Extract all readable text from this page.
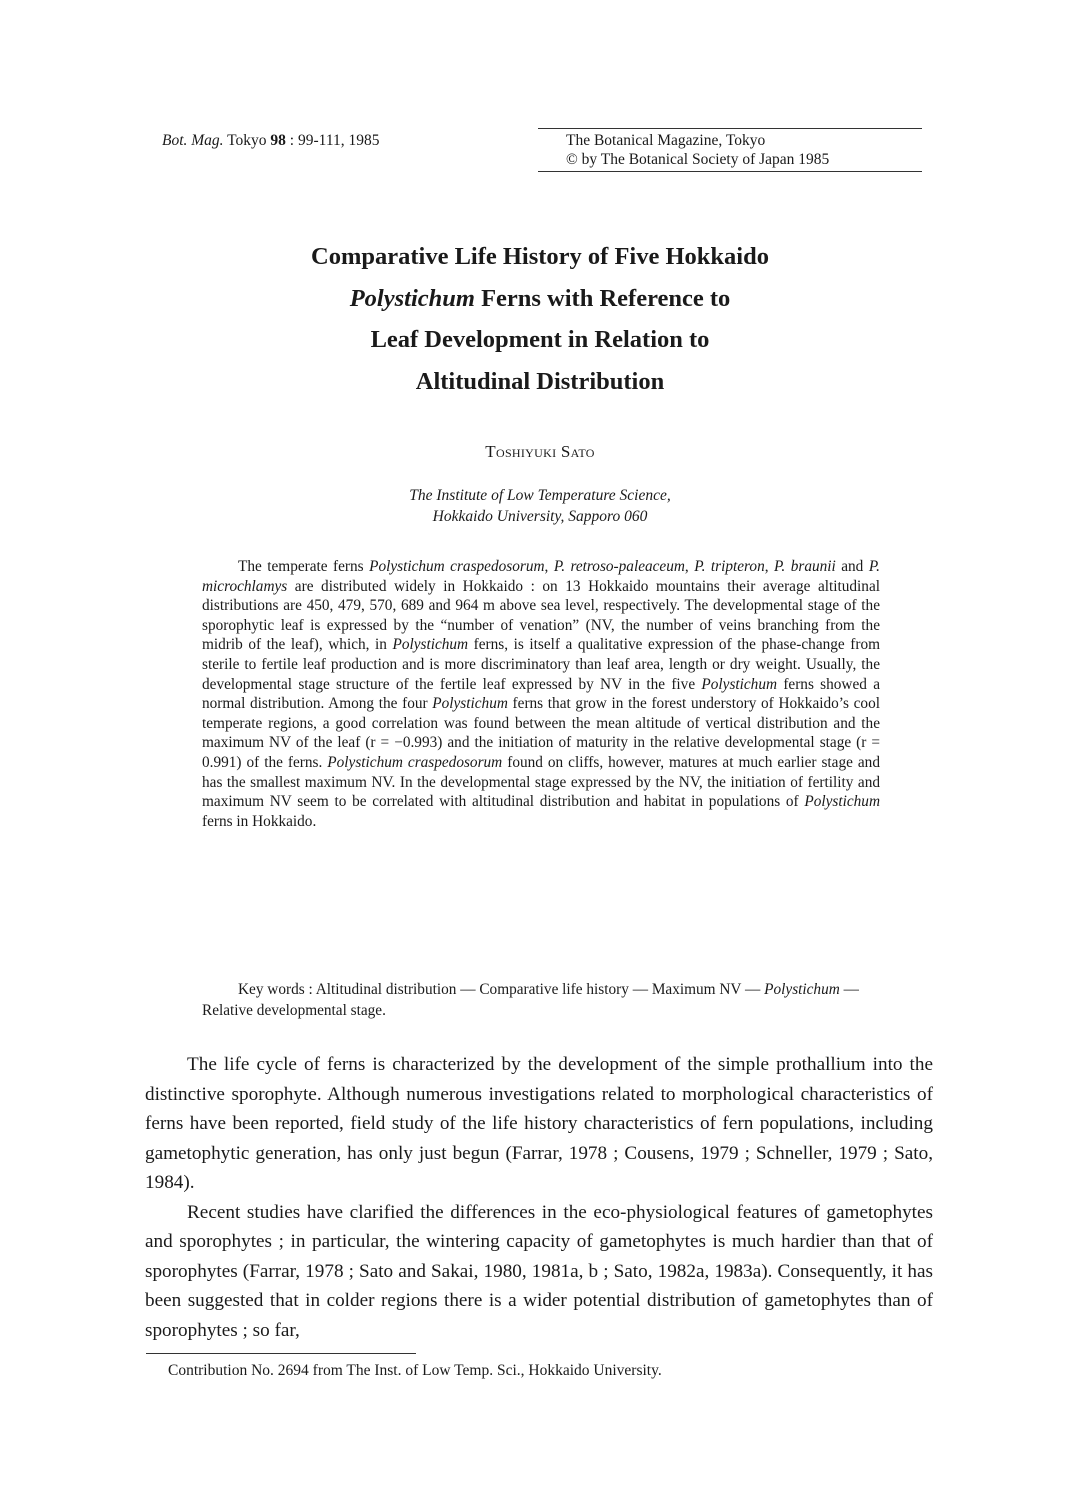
Bot. Mag. Tokyo 98 : 99-111, 1985	The Botanical Magazine, Tokyo
© by The Botanical Society of Japan 1985
Comparative Life History of Five Hokkaido
Polystichum Ferns with Reference to
Leaf Development in Relation to
Altitudinal Distribution
Toshiyuki Sato
The Institute of Low Temperature Science,
Hokkaido University, Sapporo 060

The temperate ferns Polystichum craspedosorum, P. retroso-paleaceum, P. tripteron, P. braunii and P. microchlamys are distributed widely in Hokkaido : on 13 Hokkaido mountains their average altitudinal distributions are 450, 479, 570, 689 and 964 m above sea level, respectively. The developmental stage of the sporophytic leaf is expressed by the “number of venation” (NV, the number of veins branching from the midrib of the leaf), which, in Polystichum ferns, is itself a qualitative expression of the phase-change from sterile to fertile leaf production and is more discriminatory than leaf area, length or dry weight. Usually, the developmental stage structure of the fertile leaf expressed by NV in the five Polystichum ferns showed a normal distribution. Among the four Polystichum ferns that grow in the forest understory of Hokkaido’s cool temperate regions, a good correlation was found between the mean altitude of vertical distribution and the maximum NV of the leaf (r = −0.993) and the initiation of maturity in the relative developmental stage (r = 0.991) of the ferns. Polystichum craspedosorum found on cliffs, however, matures at much earlier stage and has the smallest maximum NV. In the developmental stage expressed by the NV, the initiation of fertility and maximum NV seem to be correlated with altitudinal distribution and habitat in populations of Polystichum ferns in Hokkaido.

Key words : Altitudinal distribution — Comparative life history — Maximum NV — Polystichum — Relative developmental stage.

The life cycle of ferns is characterized by the development of the simple prothallium into the distinctive sporophyte. Although numerous investigations related to morphological characteristics of ferns have been reported, field study of the life history characteristics of fern populations, including gametophytic generation, has only just begun (Farrar, 1978 ; Cousens, 1979 ; Schneller, 1979 ; Sato, 1984).

Recent studies have clarified the differences in the eco-physiological features of gametophytes and sporophytes ; in particular, the wintering capacity of gametophytes is much hardier than that of sporophytes (Farrar, 1978 ; Sato and Sakai, 1980, 1981a, b ; Sato, 1982a, 1983a). Consequently, it has been suggested that in colder regions there is a wider potential distribution of gametophytes than of sporophytes ; so far,

Contribution No. 2694 from The Inst. of Low Temp. Sci., Hokkaido University.
